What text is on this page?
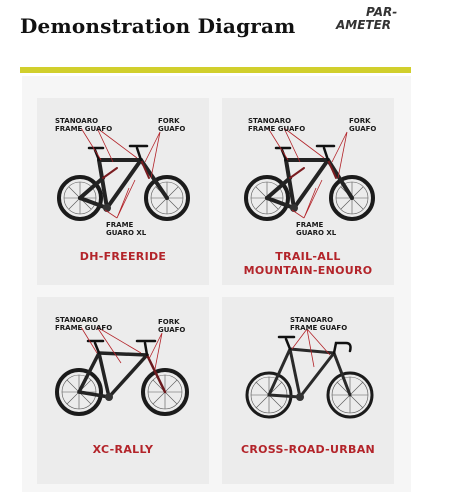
Demonstration Diagram
PAR-
AMETER
STANOARO
FRAME GUAFO
FORK
GUAFO
FRAME
GUARO XL
DH-FREERIDE
STANOARO
FRAME GUAFO
FORK
GUAFO
FRAME
GUARO XL
TRAIL-ALL
MOUNTAIN-ENOURO
STANOARO
FRAME GUAFO
FORK
GUAFO
XC-RALLY
STANOARO
FRAME GUAFO
CROSS-ROAD-URBAN
